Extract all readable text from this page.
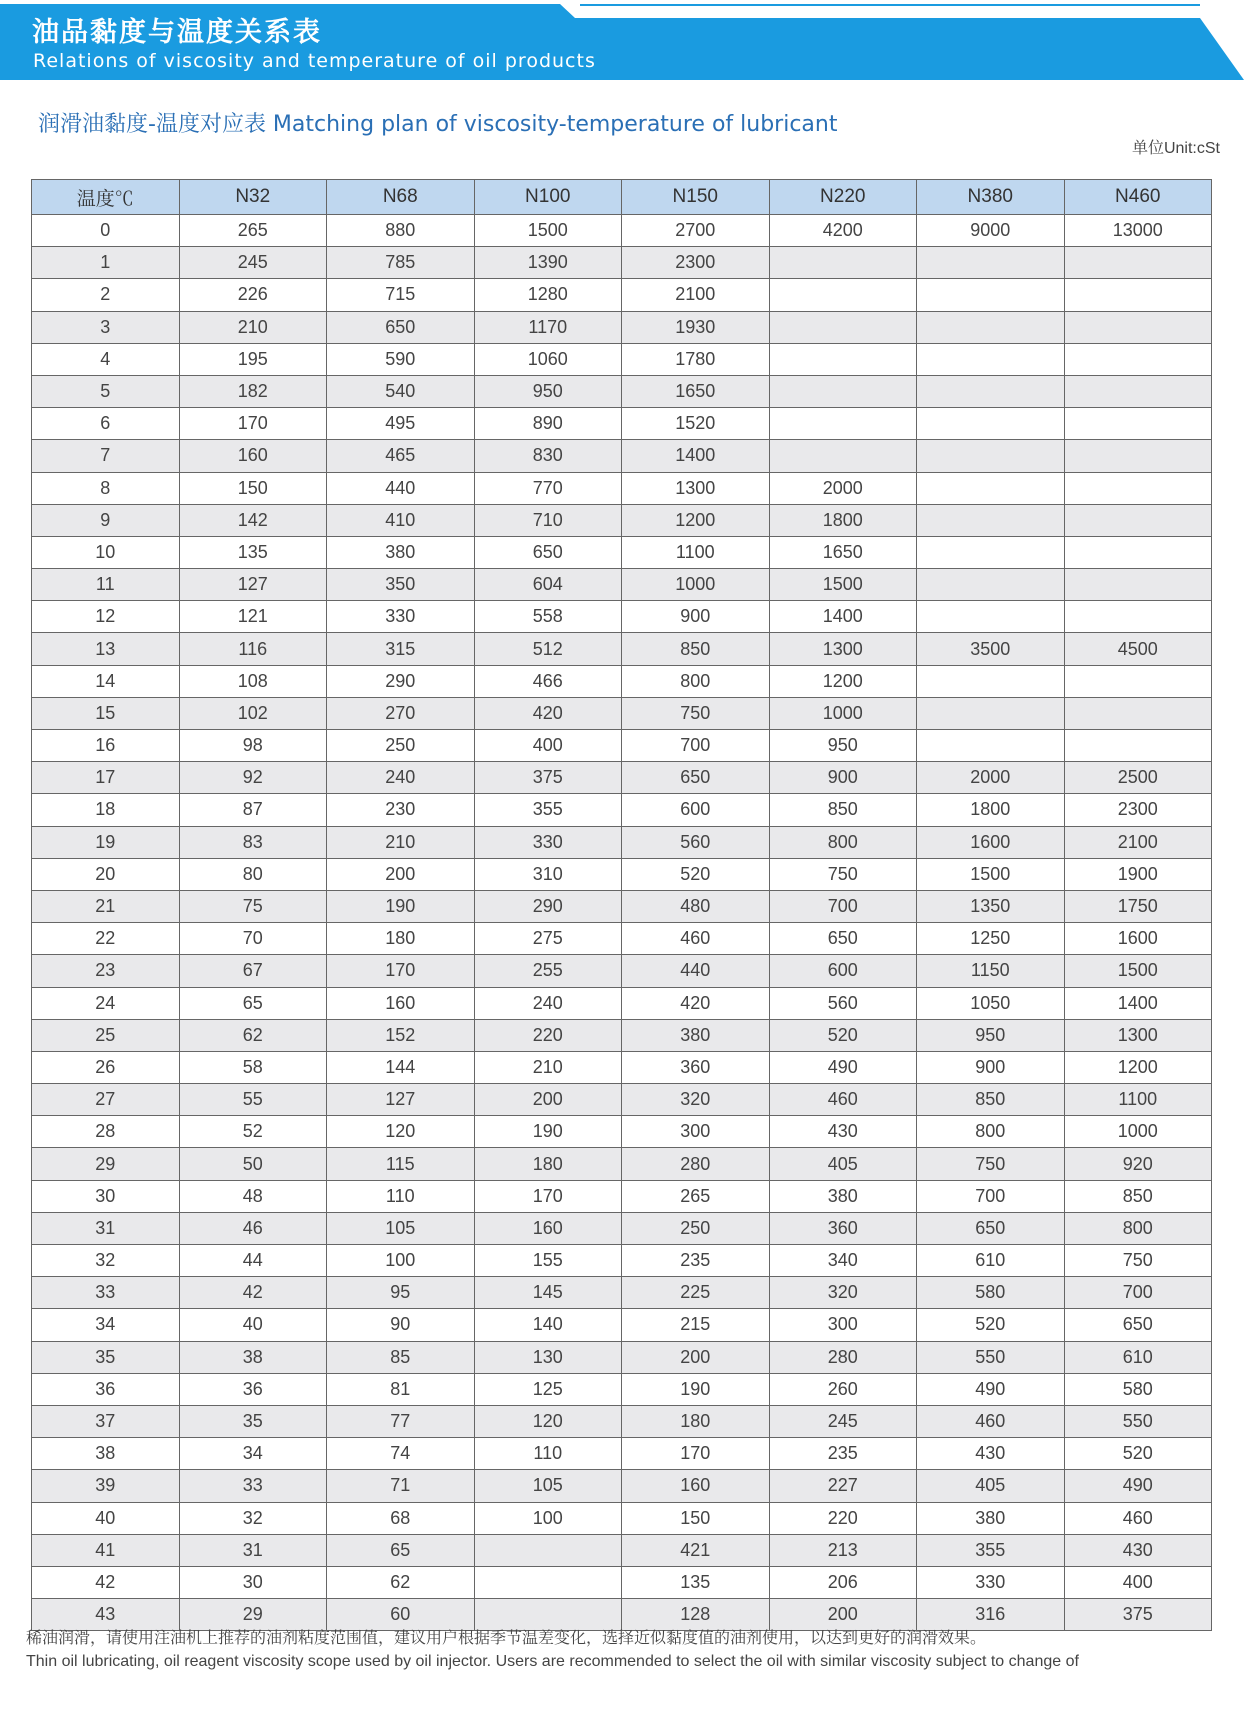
油品黏度与温度关系表
Relations of viscosity and temperature of oil products
润滑油黏度-温度对应表 Matching plan of viscosity-temperature of lubricant
单位Unit:cSt
温度℃	N32	N68	N100	N150	N220	N380	N460
0	265	880	1500	2700	4200	9000	13000
1	245	785	1390	2300			
2	226	715	1280	2100			
3	210	650	1170	1930			
4	195	590	1060	1780			
5	182	540	950	1650			
6	170	495	890	1520			
7	160	465	830	1400			
8	150	440	770	1300	2000		
9	142	410	710	1200	1800		
10	135	380	650	1100	1650		
11	127	350	604	1000	1500		
12	121	330	558	900	1400		
13	116	315	512	850	1300	3500	4500
14	108	290	466	800	1200		
15	102	270	420	750	1000		
16	98	250	400	700	950		
17	92	240	375	650	900	2000	2500
18	87	230	355	600	850	1800	2300
19	83	210	330	560	800	1600	2100
20	80	200	310	520	750	1500	1900
21	75	190	290	480	700	1350	1750
22	70	180	275	460	650	1250	1600
23	67	170	255	440	600	1150	1500
24	65	160	240	420	560	1050	1400
25	62	152	220	380	520	950	1300
26	58	144	210	360	490	900	1200
27	55	127	200	320	460	850	1100
28	52	120	190	300	430	800	1000
29	50	115	180	280	405	750	920
30	48	110	170	265	380	700	850
31	46	105	160	250	360	650	800
32	44	100	155	235	340	610	750
33	42	95	145	225	320	580	700
34	40	90	140	215	300	520	650
35	38	85	130	200	280	550	610
36	36	81	125	190	260	490	580
37	35	77	120	180	245	460	550
38	34	74	110	170	235	430	520
39	33	71	105	160	227	405	490
40	32	68	100	150	220	380	460
41	31	65		421	213	355	430
42	30	62		135	206	330	400
43	29	60		128	200	316	375
稀油润滑，请使用注油机上推荐的油剂粘度范围值，建议用户根据季节温差变化，选择近似黏度值的油剂使用，以达到更好的润滑效果。
Thin oil lubricating, oil reagent viscosity scope used by oil injector. Users are recommended to select the oil with similar viscosity subject to change of
